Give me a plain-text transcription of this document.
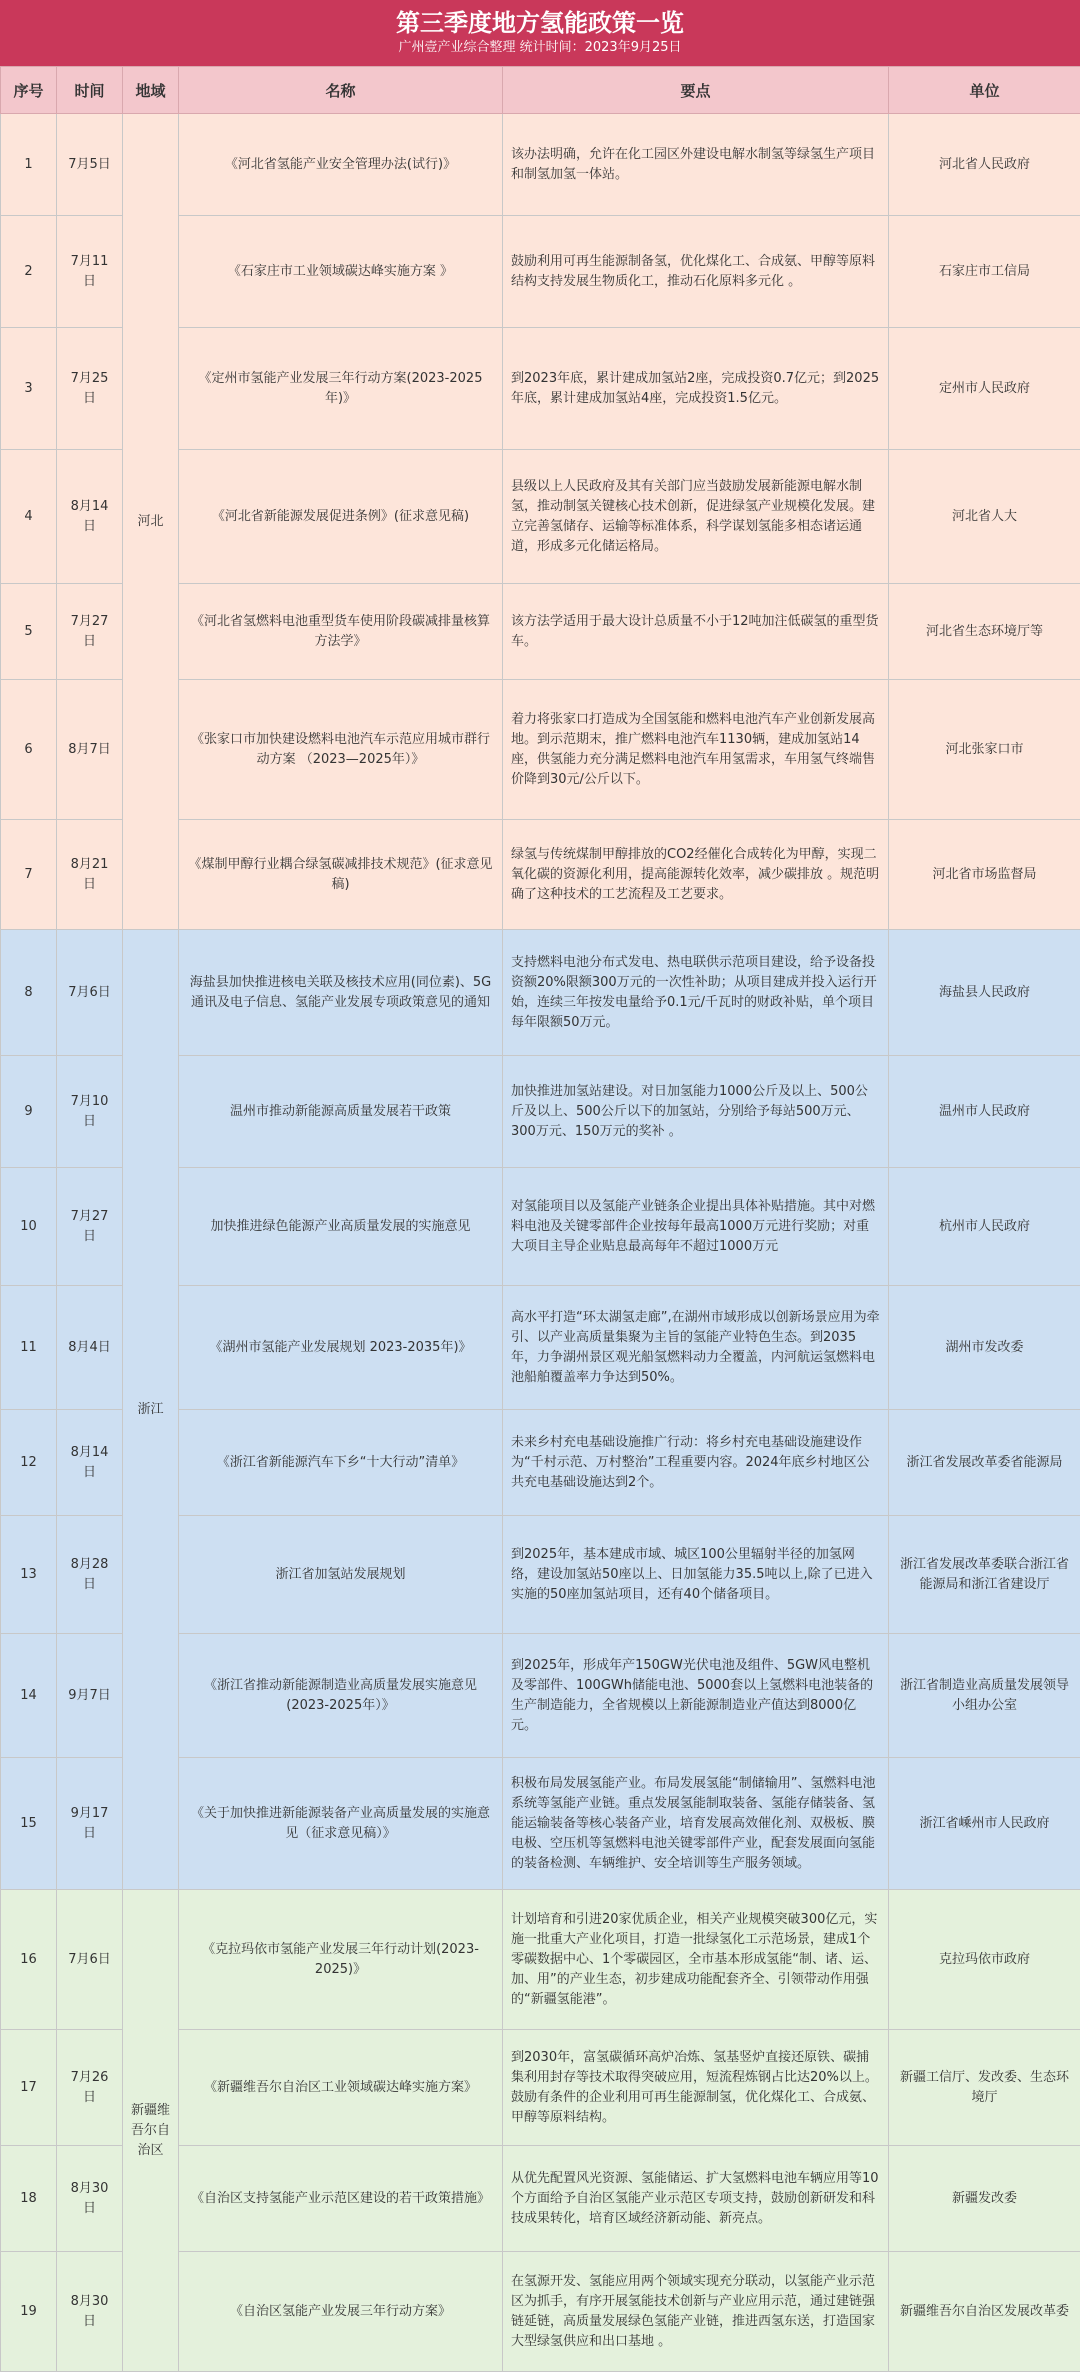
第三季度地方氢能政策一览
广州壹产业综合整理 统计时间：2023年9月25日
序号	时间	地域	名称	要点	单位
1	7月5日	河北	《河北省氢能产业安全管理办法(试行)》	该办法明确，允许在化工园区外建设电解水制氢等绿氢生产项目和制氢加氢一体站。	河北省人民政府
2	7月11日		《石家庄市工业领域碳达峰实施方案 》	鼓励利用可再生能源制备氢，优化煤化工、合成氨、甲醇等原料结构支持发展生物质化工，推动石化原料多元化 。	石家庄市工信局
3	7月25日		《定州市氢能产业发展三年行动方案(2023-2025年)》	到2023年底，累计建成加氢站2座，完成投资0.7亿元；到2025年底，累计建成加氢站4座，完成投资1.5亿元。	定州市人民政府
4	8月14日		《河北省新能源发展促进条例》(征求意见稿)	县级以上人民政府及其有关部门应当鼓励发展新能源电解水制氢，推动制氢关键核心技术创新，促进绿氢产业规模化发展。建立完善氢储存、运输等标准体系，科学谋划氢能多相态诸运通道，形成多元化储运格局。	河北省人大
5	7月27日		《河北省氢燃料电池重型货车使用阶段碳减排量核算方法学》	该方法学适用于最大设计总质量不小于12吨加注低碳氢的重型货车。	河北省生态环境厅等
6	8月7日		《张家口市加快建设燃料电池汽车示范应用城市群行动方案 （2023—2025年）》	着力将张家口打造成为全国氢能和燃料电池汽车产业创新发展高地。到示范期末，推广燃料电池汽车1130辆，建成加氢站14座，供氢能力充分满足燃料电池汽车用氢需求，车用氢气终端售价降到30元/公斤以下。	河北张家口市
7	8月21日		《煤制甲醇行业耦合绿氢碳减排技术规范》(征求意见稿)	绿氢与传统煤制甲醇排放的CO2经催化合成转化为甲醇，实现二氧化碳的资源化利用，提高能源转化效率，减少碳排放 。规范明确了这种技术的工艺流程及工艺要求。	河北省市场监督局
8	7月6日	浙江	海盐县加快推进核电关联及核技术应用(同位素)、5G通讯及电子信息、氢能产业发展专项政策意见的通知	支持燃料电池分布式发电、热电联供示范项目建设，给予设备投资额20%限额300万元的一次性补助；从项目建成并投入运行开始，连续三年按发电量给予0.1元/千瓦时的财政补贴，单个项目每年限额50万元。	海盐县人民政府
9	7月10日		温州市推动新能源高质量发展若干政策	加快推进加氢站建设。对日加氢能力1000公斤及以上、500公斤及以上、500公斤以下的加氢站，分别给予每站500万元、300万元、150万元的奖补 。	温州市人民政府
10	7月27日		加快推进绿色能源产业高质量发展的实施意见	对氢能项目以及氢能产业链条企业提出具体补贴措施。其中对燃料电池及关键零部件企业按每年最高1000万元进行奖励；对重大项目主导企业贴息最高每年不超过1000万元	杭州市人民政府
11	8月4日		《湖州市氢能产业发展规划 2023-2035年)》	高水平打造“环太湖氢走廊”,在湖州市域形成以创新场景应用为牵引、以产业高质量集聚为主旨的氢能产业特色生态。到2035年，力争湖州景区观光船氢燃料动力全覆盖，内河航运氢燃料电池船舶覆盖率力争达到50%。	湖州市发改委
12	8月14日		《浙江省新能源汽车下乡“十大行动”清单》	未来乡村充电基础设施推广行动：将乡村充电基础设施建设作为“千村示范、万村整治”工程重要内容。2024年底乡村地区公共充电基础设施达到2个。	浙江省发展改革委省能源局
13	8月28日		浙江省加氢站发展规划	到2025年，基本建成市域、城区100公里辐射半径的加氢网络，建设加氢站50座以上、日加氢能力35.5吨以上,除了已进入实施的50座加氢站项目，还有40个储备项目。	浙江省发展改革委联合浙江省能源局和浙江省建设厅
14	9月7日		《浙江省推动新能源制造业高质量发展实施意见 (2023-2025年）》	到2025年，形成年产150GW光伏电池及组件、5GW风电整机及零部件、100GWh储能电池、5000套以上氢燃料电池装备的生产制造能力，全省规模以上新能源制造业产值达到8000亿元。	浙江省制造业高质量发展领导小组办公室
15	9月17日		《关于加快推进新能源装备产业高质量发展的实施意见（征求意见稿）》	积极布局发展氢能产业。布局发展氢能“制储输用”、氢燃料电池系统等氢能产业链。重点发展氢能制取装备、氢能存储装备、氢能运输装备等核心装备产业，培育发展高效催化剂、双极板、膜电极、空压机等氢燃料电池关键零部件产业，配套发展面向氢能的装备检测、车辆维护、安全培训等生产服务领域。	浙江省嵊州市人民政府
16	7月6日	新疆维吾尔自治区	《克拉玛依市氢能产业发展三年行动计划(2023-2025)》	计划培育和引进20家优质企业，相关产业规模突破300亿元，实施一批重大产业化项目，打造一批绿氢化工示范场景，建成1个零碳数据中心、1个零碳园区，全市基本形成氢能“制、诸、运、加、用”的产业生态，初步建成功能配套齐全、引领带动作用强的“新疆氢能港”。	克拉玛依市政府
17	7月26日		《新疆维吾尔自治区工业领域碳达峰实施方案》	到2030年，富氢碳循环高炉冶炼、氢基竖炉直接还原铁、碳捕集利用封存等技术取得突破应用，短流程炼钢占比达20%以上。鼓励有条件的企业利用可再生能源制氢，优化煤化工、合成氨、甲醇等原料结构。	新疆工信厅、发改委、生态环境厅
18	8月30日		《自治区支持氢能产业示范区建设的若干政策措施》	从优先配置风光资源、氢能储运、扩大氢燃料电池车辆应用等10个方面给予自治区氢能产业示范区专项支持，鼓励创新研发和科技成果转化，培育区域经济新动能、新亮点。	新疆发改委
19	8月30日		《自治区氢能产业发展三年行动方案》	在氢源开发、氢能应用两个领域实现充分联动，以氢能产业示范区为抓手，有序开展氢能技术创新与产业应用示范，通过建链强链延链，高质量发展绿色氢能产业链，推进西氢东送，打造国家大型绿氢供应和出口基地 。	新疆维吾尔自治区发展改革委
